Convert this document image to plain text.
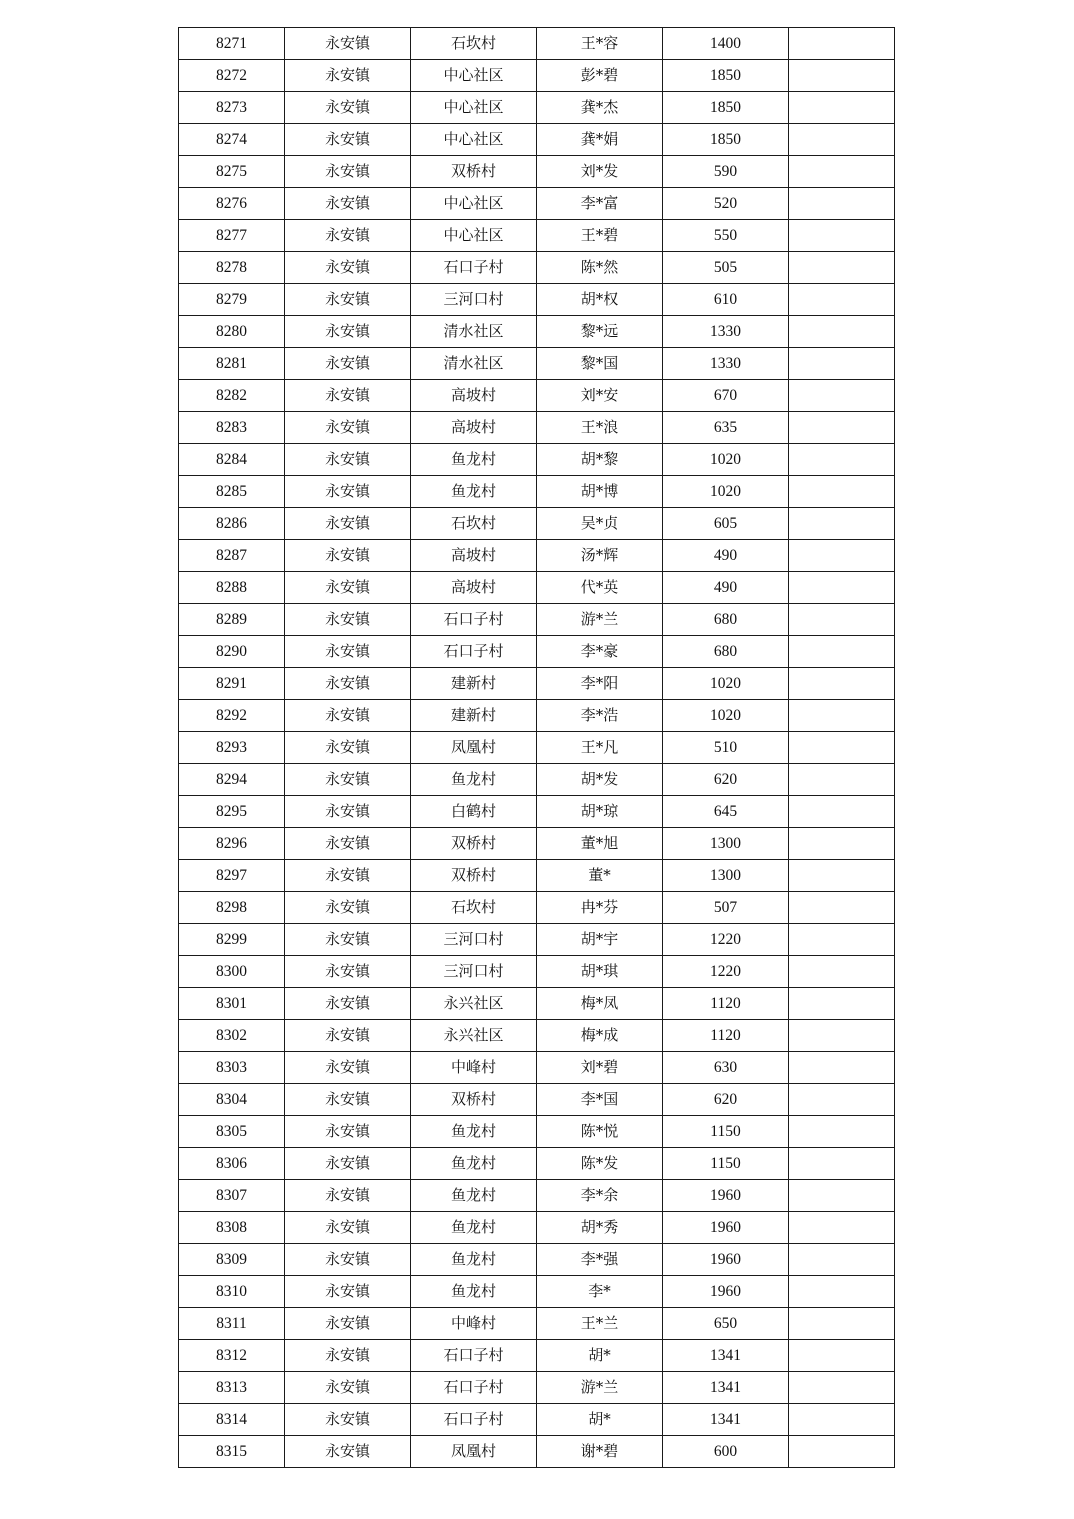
8271	永安镇	石坎村	王*容	1400	
8272	永安镇	中心社区	彭*碧	1850	
8273	永安镇	中心社区	龚*杰	1850	
8274	永安镇	中心社区	龚*娟	1850	
8275	永安镇	双桥村	刘*发	590	
8276	永安镇	中心社区	李*富	520	
8277	永安镇	中心社区	王*碧	550	
8278	永安镇	石口子村	陈*然	505	
8279	永安镇	三河口村	胡*权	610	
8280	永安镇	清水社区	黎*远	1330	
8281	永安镇	清水社区	黎*国	1330	
8282	永安镇	高坡村	刘*安	670	
8283	永安镇	高坡村	王*浪	635	
8284	永安镇	鱼龙村	胡*黎	1020	
8285	永安镇	鱼龙村	胡*博	1020	
8286	永安镇	石坎村	吴*贞	605	
8287	永安镇	高坡村	汤*辉	490	
8288	永安镇	高坡村	代*英	490	
8289	永安镇	石口子村	游*兰	680	
8290	永安镇	石口子村	李*豪	680	
8291	永安镇	建新村	李*阳	1020	
8292	永安镇	建新村	李*浩	1020	
8293	永安镇	凤凰村	王*凡	510	
8294	永安镇	鱼龙村	胡*发	620	
8295	永安镇	白鹤村	胡*琼	645	
8296	永安镇	双桥村	董*旭	1300	
8297	永安镇	双桥村	董*	1300	
8298	永安镇	石坎村	冉*芬	507	
8299	永安镇	三河口村	胡*宇	1220	
8300	永安镇	三河口村	胡*琪	1220	
8301	永安镇	永兴社区	梅*凤	1120	
8302	永安镇	永兴社区	梅*成	1120	
8303	永安镇	中峰村	刘*碧	630	
8304	永安镇	双桥村	李*国	620	
8305	永安镇	鱼龙村	陈*悦	1150	
8306	永安镇	鱼龙村	陈*发	1150	
8307	永安镇	鱼龙村	李*余	1960	
8308	永安镇	鱼龙村	胡*秀	1960	
8309	永安镇	鱼龙村	李*强	1960	
8310	永安镇	鱼龙村	李*	1960	
8311	永安镇	中峰村	王*兰	650	
8312	永安镇	石口子村	胡*	1341	
8313	永安镇	石口子村	游*兰	1341	
8314	永安镇	石口子村	胡*	1341	
8315	永安镇	凤凰村	谢*碧	600	
